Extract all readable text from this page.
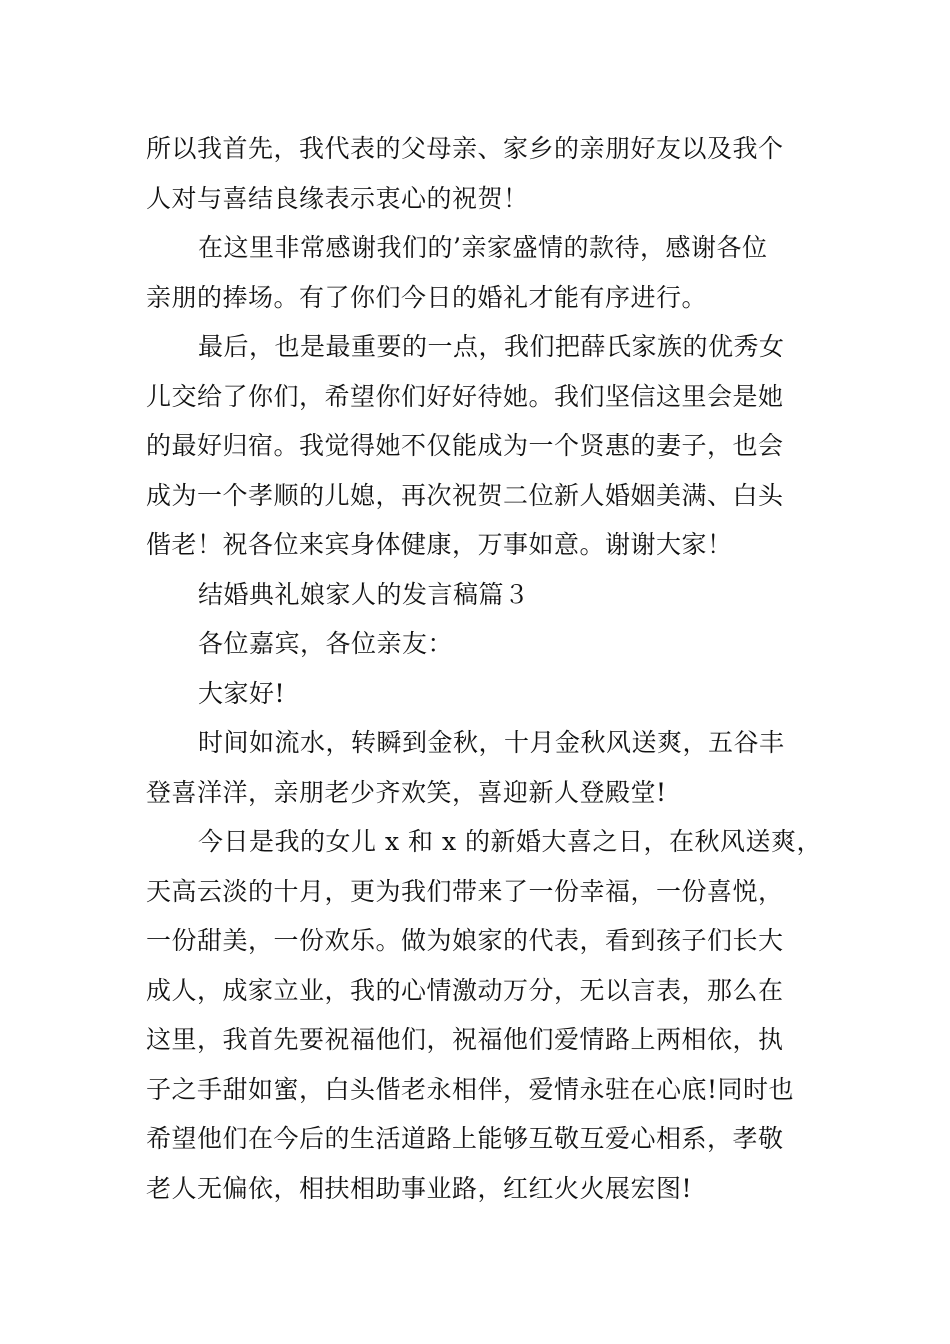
所以我首先，我代表的父母亲、家乡的亲朋好友以及我个
人对与喜结良缘表示衷心的祝贺！
在这里非常感谢我们的’亲家盛情的款待，感谢各位
亲朋的捧场。有了你们今日的婚礼才能有序进行。
最后，也是最重要的一点，我们把薛氏家族的优秀女
儿交给了你们，希望你们好好待她。我们坚信这里会是她
的最好归宿。我觉得她不仅能成为一个贤惠的妻子，也会
成为一个孝顺的儿媳，再次祝贺二位新人婚姻美满、白头
偕老！祝各位来宾身体健康，万事如意。谢谢大家！
结婚典礼娘家人的发言稿篇３
各位嘉宾，各位亲友：
大家好!
时间如流水，转瞬到金秋，十月金秋风送爽，五谷丰
登喜洋洋，亲朋老少齐欢笑，喜迎新人登殿堂!
今日是我的女儿 x 和 x 的新婚大喜之日，在秋风送爽，
天高云淡的十月，更为我们带来了一份幸福，一份喜悦，
一份甜美，一份欢乐。做为娘家的代表，看到孩子们长大
成人，成家立业，我的心情激动万分，无以言表，那么在
这里，我首先要祝福他们，祝福他们爱情路上两相依，执
子之手甜如蜜，白头偕老永相伴，爱情永驻在心底!同时也
希望他们在今后的生活道路上能够互敬互爱心相系，孝敬
老人无偏依，相扶相助事业路，红红火火展宏图!
